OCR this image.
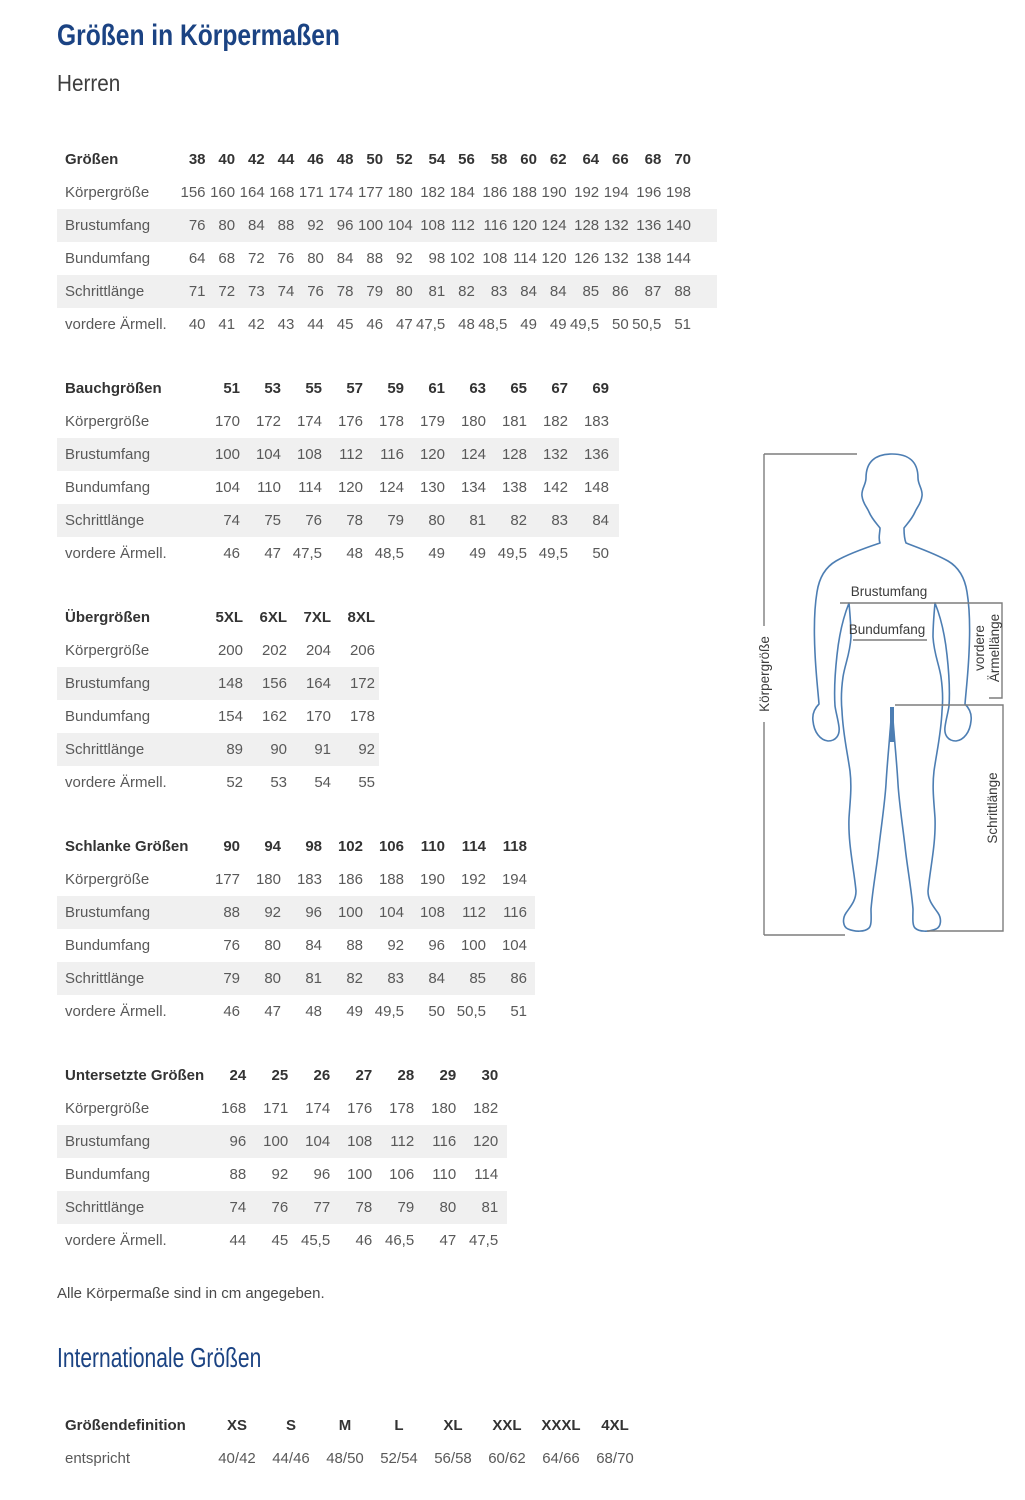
Größen in Körpermaßen
Herren
Größen	38	40	42	44	46	48	50	52	54	56	58	60	62	64	66	68	70
Körpergröße	156	160	164	168	171	174	177	180	182	184	186	188	190	192	194	196	198
Brustumfang	76	80	84	88	92	96	100	104	108	112	116	120	124	128	132	136	140
Bundumfang	64	68	72	76	80	84	88	92	98	102	108	114	120	126	132	138	144
Schrittlänge	71	72	73	74	76	78	79	80	81	82	83	84	84	85	86	87	88
vordere Ärmell.	40	41	42	43	44	45	46	47	47,5	48	48,5	49	49	49,5	50	50,5	51
Bauchgrößen	51	53	55	57	59	61	63	65	67	69
Körpergröße	170	172	174	176	178	179	180	181	182	183
Brustumfang	100	104	108	112	116	120	124	128	132	136
Bundumfang	104	110	114	120	124	130	134	138	142	148
Schrittlänge	74	75	76	78	79	80	81	82	83	84
vordere Ärmell.	46	47	47,5	48	48,5	49	49	49,5	49,5	50
Übergrößen	5XL	6XL	7XL	8XL
Körpergröße	200	202	204	206
Brustumfang	148	156	164	172
Bundumfang	154	162	170	178
Schrittlänge	89	90	91	92
vordere Ärmell.	52	53	54	55
Schlanke Größen	90	94	98	102	106	110	114	118
Körpergröße	177	180	183	186	188	190	192	194
Brustumfang	88	92	96	100	104	108	112	116
Bundumfang	76	80	84	88	92	96	100	104
Schrittlänge	79	80	81	82	83	84	85	86
vordere Ärmell.	46	47	48	49	49,5	50	50,5	51
Untersetzte Größen	24	25	26	27	28	29	30
Körpergröße	168	171	174	176	178	180	182
Brustumfang	96	100	104	108	112	116	120
Bundumfang	88	92	96	100	106	110	114
Schrittlänge	74	76	77	78	79	80	81
vordere Ärmell.	44	45	45,5	46	46,5	47	47,5

Alle Körpermaße sind in cm angegeben.

Internationale Größen
Größendefinition	XS	S	M	L	XL	XXL	XXXL	4XL
entspricht	40/42	44/46	48/50	52/54	56/58	60/62	64/66	68/70
Brustumfang
Bundumfang
Körpergröße	vordere Ärmellänge
Schrittlänge
